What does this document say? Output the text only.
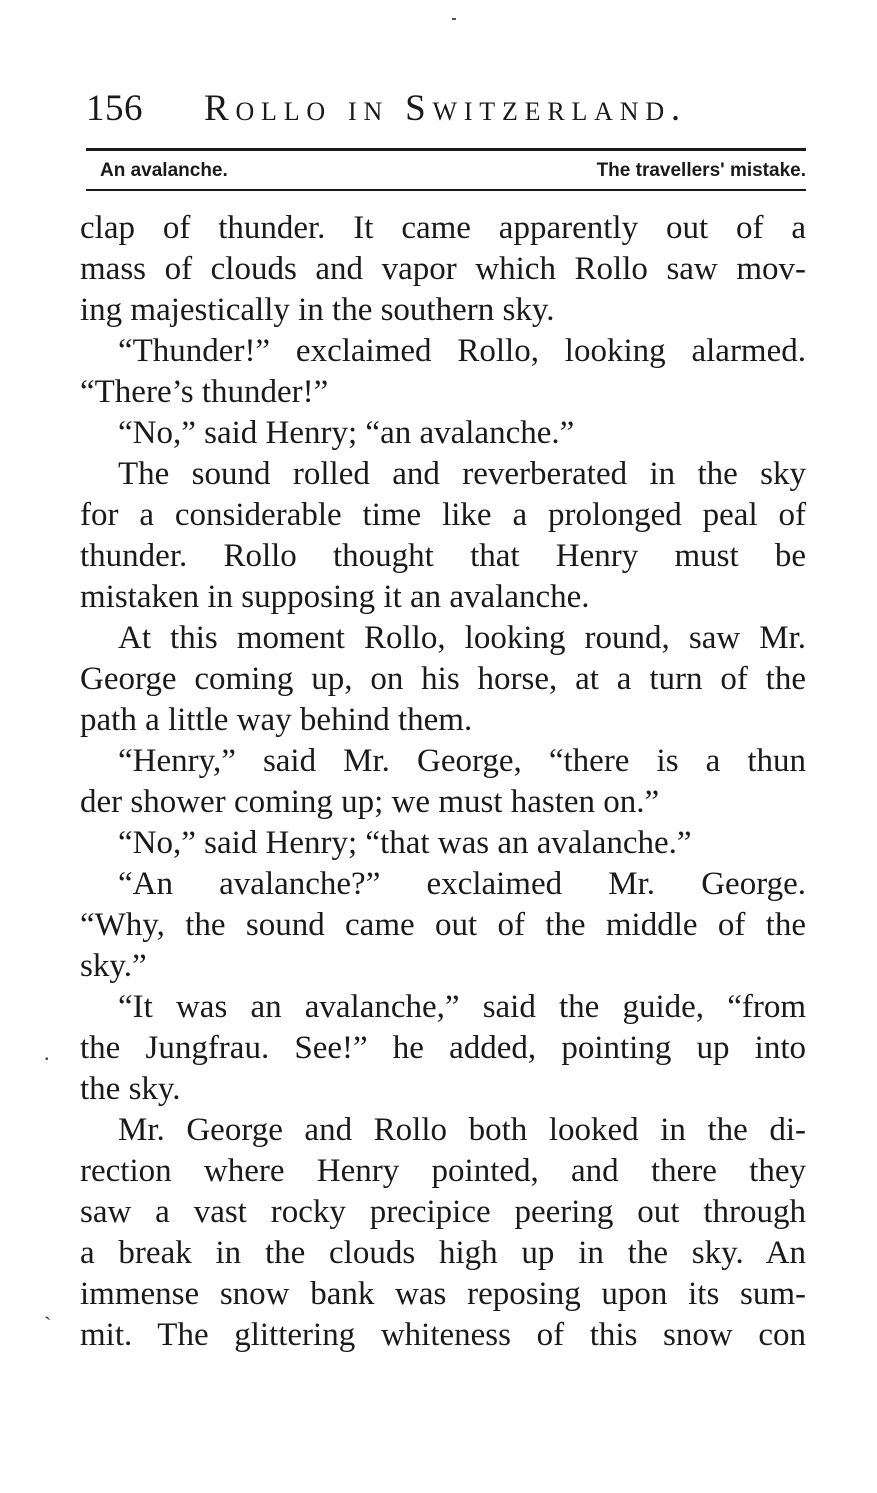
156 Rollo in Switzerland.
An avalanche.	The travellers' mistake.
clap of thunder. It came apparently out of a
mass of clouds and vapor which Rollo saw mov-
ing majestically in the southern sky.
“Thunder!” exclaimed Rollo, looking alarmed.
“There’s thunder!”
“No,” said Henry; “an avalanche.”
The sound rolled and reverberated in the sky
for a considerable time like a prolonged peal of
thunder. Rollo thought that Henry must be
mistaken in supposing it an avalanche.
At this moment Rollo, looking round, saw Mr.
George coming up, on his horse, at a turn of the
path a little way behind them.
“Henry,” said Mr. George, “there is a thun
der shower coming up; we must hasten on.”
“No,” said Henry; “that was an avalanche.”
“An avalanche?” exclaimed Mr. George.
“Why, the sound came out of the middle of the
sky.”
“It was an avalanche,” said the guide, “from
the Jungfrau. See!” he added, pointing up into
the sky.
Mr. George and Rollo both looked in the di-
rection where Henry pointed, and there they
saw a vast rocky precipice peering out through
a break in the clouds high up in the sky. An
immense snow bank was reposing upon its sum-
mit. The glittering whiteness of this snow con
.
`
